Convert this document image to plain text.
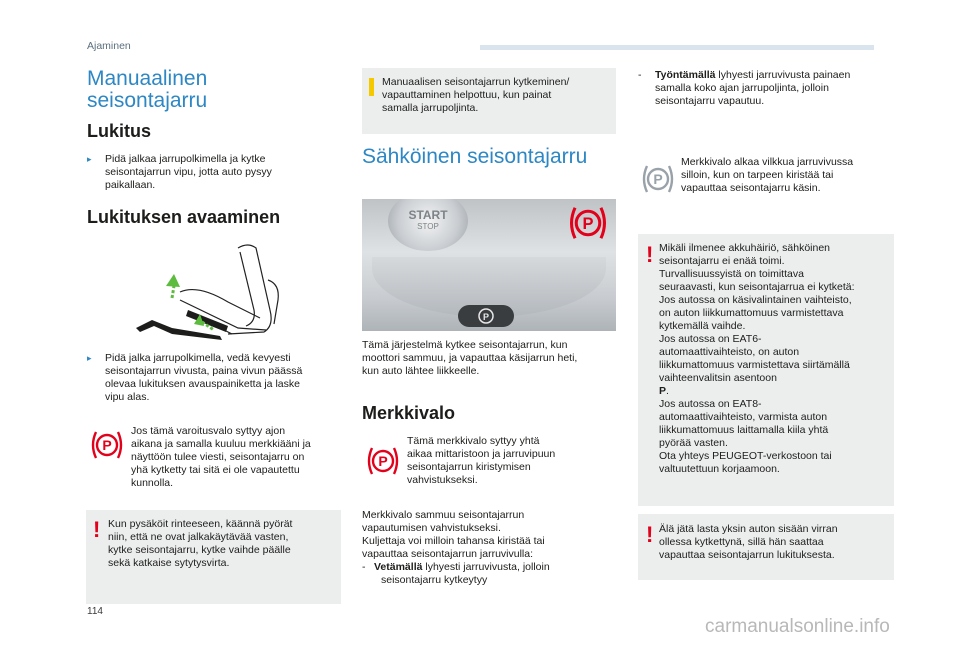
Ajaminen
Manuaalinen
seisontajarru
Lukitus
▸	Pidä jalkaa jarrupolkimella ja kytke
seisontajarrun vipu, jotta auto pysyy
paikallaan.

Lukituksen avaaminen
▸	Pidä jalka jarrupolkimella, vedä kevyesti
seisontajarrun vivusta, paina vivun päässä
olevaa lukituksen avauspainiketta ja laske
vipu alas.

P

Jos tämä varoitusvalo syttyy ajon
aikana ja samalla kuuluu merkkiääni ja
näyttöön tulee viesti, seisontajarru on
yhä kytketty tai sitä ei ole vapautettu
kunnolla.

! Kun pysäköit rinteeseen, käännä pyörät
niin, että ne ovat jalkakäytävää vasten,
kytke seisontajarru, kytke vaihde päälle
sekä katkaise sytytysvirta.

Manuaalisen seisontajarrun kytkeminen/
vapauttaminen helpottuu, kun painat
samalla jarrupoljinta.

Sähköinen seisontajarru
START
STOP
P
P

Tämä järjestelmä kytkee seisontajarrun, kun
moottori sammuu, ja vapauttaa käsijarrun heti,
kun auto lähtee liikkeelle.

Merkkivalo
P

Tämä merkkivalo syttyy yhtä
aikaa mittaristoon ja jarruvipuun
seisontajarrun kiristymisen
vahvistukseksi.

Merkkivalo sammuu seisontajarrun
vapautumisen vahvistukseksi.
Kuljettaja voi milloin tahansa kiristää tai
vapauttaa seisontajarrun jarruvivulla:

- Vetämällä lyhyesti jarruvivusta, jolloin
seisontajarru kytkeytyy
-	Työntämällä lyhyesti jarruvivusta painaen
samalla koko ajan jarrupoljinta, jolloin
seisontajarru vapautuu.
P

Merkkivalo alkaa vilkkua jarruvivussa
silloin, kun on tarpeen kiristää tai
vapauttaa seisontajarru käsin.

! Mikäli ilmenee akkuhäiriö, sähköinen
seisontajarru ei enää toimi.
Turvallisuussyistä on toimittava
seuraavasti, kun seisontajarrua ei kytketä:
Jos autossa on käsivalintainen vaihteisto,
on auton liikkumattomuus varmistettava
kytkemällä vaihde.
Jos autossa on EAT6-
automaattivaihteisto, on auton
liikkumattomuus varmistettava siirtämällä
vaihteenvalitsin asentoon
P.
Jos autossa on EAT8-
automaattivaihteisto, varmista auton
liikkumattomuus laittamalla kiila yhtä
pyörää vasten.
Ota yhteys PEUGEOT-verkostoon tai
valtuutettuun korjaamoon.

! Älä jätä lasta yksin auton sisään virran
ollessa kytkettynä, sillä hän saattaa
vapauttaa seisontajarrun lukituksesta.

114
carmanualsonline.info
